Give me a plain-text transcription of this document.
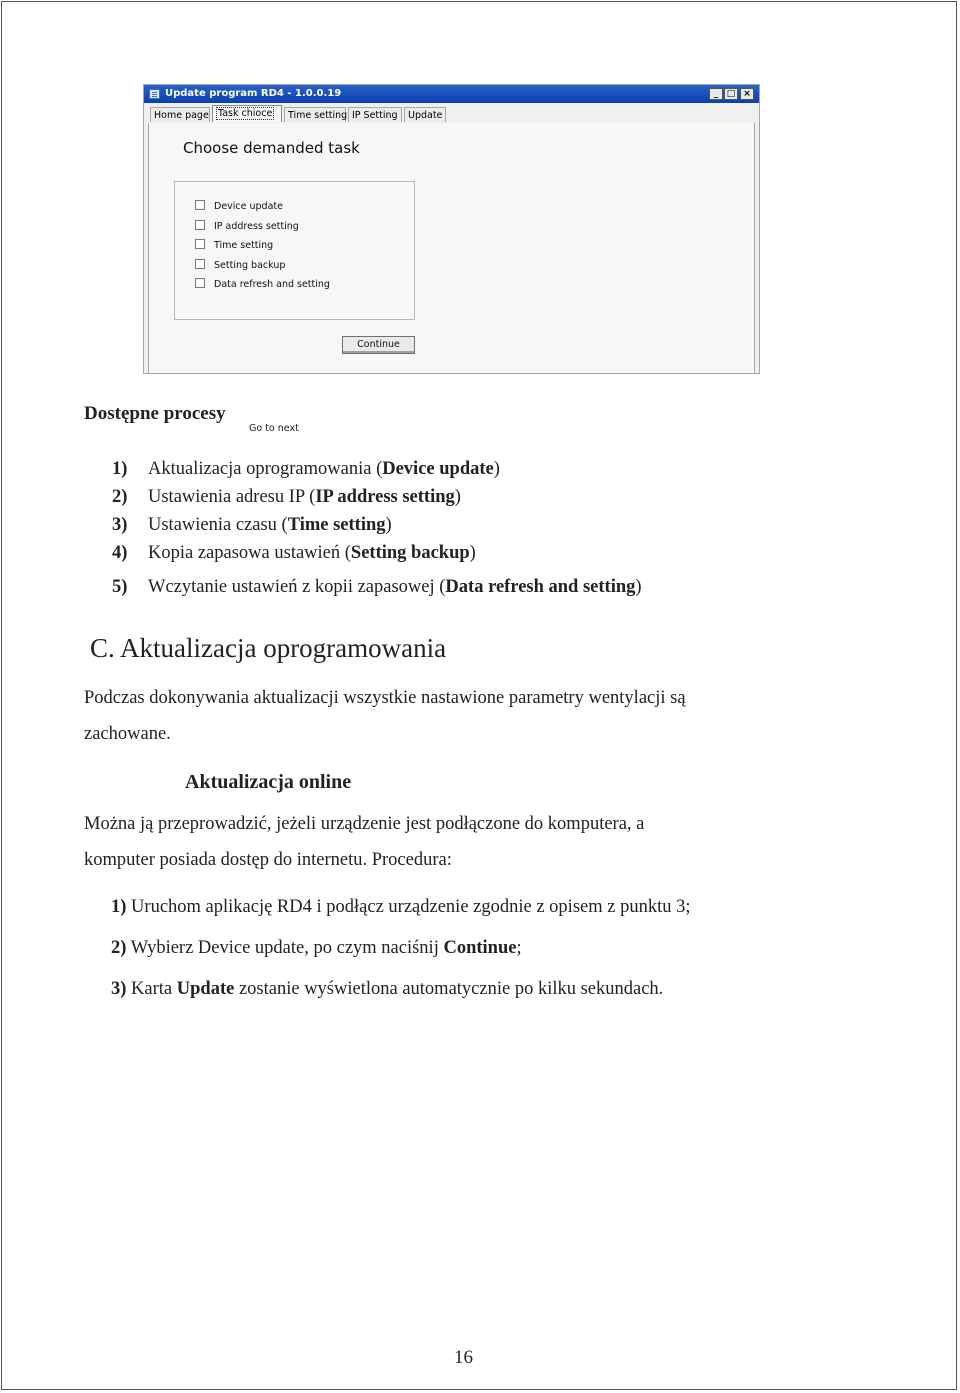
Update program RD4 - 1.0.0.19	_ □ ×
Home page Task chioce	Time setting IP Setting	Update
Choose demanded task
Device update
IP address setting
Time setting
Setting backup
Data refresh and setting
Go to next
Continue
Dostępne procesy
1) Aktualizacja oprogramowania (Device update)
2) Ustawienia adresu IP (IP address setting)
3) Ustawienia czasu (Time setting)
4) Kopia zapasowa ustawień (Setting backup)
5) Wczytanie ustawień z kopii zapasowej (Data refresh and setting)
C. Aktualizacja oprogramowania
Podczas dokonywania aktualizacji wszystkie nastawione parametry wentylacji są
zachowane.
Aktualizacja online
Można ją przeprowadzić, jeżeli urządzenie jest podłączone do komputera, a
komputer posiada dostęp do internetu. Procedura:
1) Uruchom aplikację RD4 i podłącz urządzenie zgodnie z opisem z punktu 3;
2) Wybierz Device update, po czym naciśnij Continue;
3) Karta Update zostanie wyświetlona automatycznie po kilku sekundach.
16
